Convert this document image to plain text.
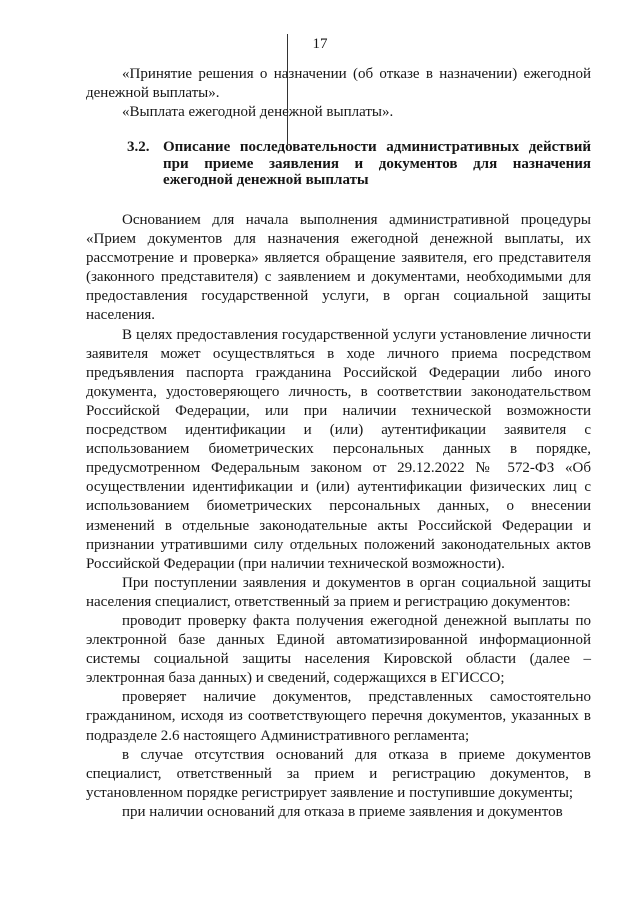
17
«Принятие решения о назначении (об отказе в назначении) ежегодной денежной выплаты».
«Выплата ежегодной денежной выплаты».
3.2. Описание последовательности административных действий при приеме заявления и документов для назначения ежегодной денежной выплаты
Основанием для начала выполнения административной процедуры «Прием документов для назначения ежегодной денежной выплаты, их рассмотрение и проверка» является обращение заявителя, его представителя (законного представителя) с заявлением и документами, необходимыми для предоставления государственной услуги, в орган социальной защиты населения.
В целях предоставления государственной услуги установление личности заявителя может осуществляться в ходе личного приема посредством предъявления паспорта гражданина Российской Федерации либо иного документа, удостоверяющего личность, в соответствии законодательством Российской Федерации, или при наличии технической возможности посредством идентификации и (или) аутентификации заявителя с использованием биометрических персональных данных в порядке, предусмотренном Федеральным законом от 29.12.2022 № 572-ФЗ «Об осуществлении идентификации и (или) аутентификации физических лиц с использованием биометрических персональных данных, о внесении изменений в отдельные законодательные акты Российской Федерации и признании утратившими силу отдельных положений законодательных актов Российской Федерации (при наличии технической возможности).
При поступлении заявления и документов в орган социальной защиты населения специалист, ответственный за прием и регистрацию документов:
проводит проверку факта получения ежегодной денежной выплаты по электронной базе данных Единой автоматизированной информационной системы социальной защиты населения Кировской области (далее – электронная база данных) и сведений, содержащихся в ЕГИССО;
проверяет наличие документов, представленных самостоятельно гражданином, исходя из соответствующего перечня документов, указанных в подразделе 2.6 настоящего Административного регламента;
в случае отсутствия оснований для отказа в приеме документов специалист, ответственный за прием и регистрацию документов, в установленном порядке регистрирует заявление и поступившие документы;
при наличии оснований для отказа в приеме заявления и документов
